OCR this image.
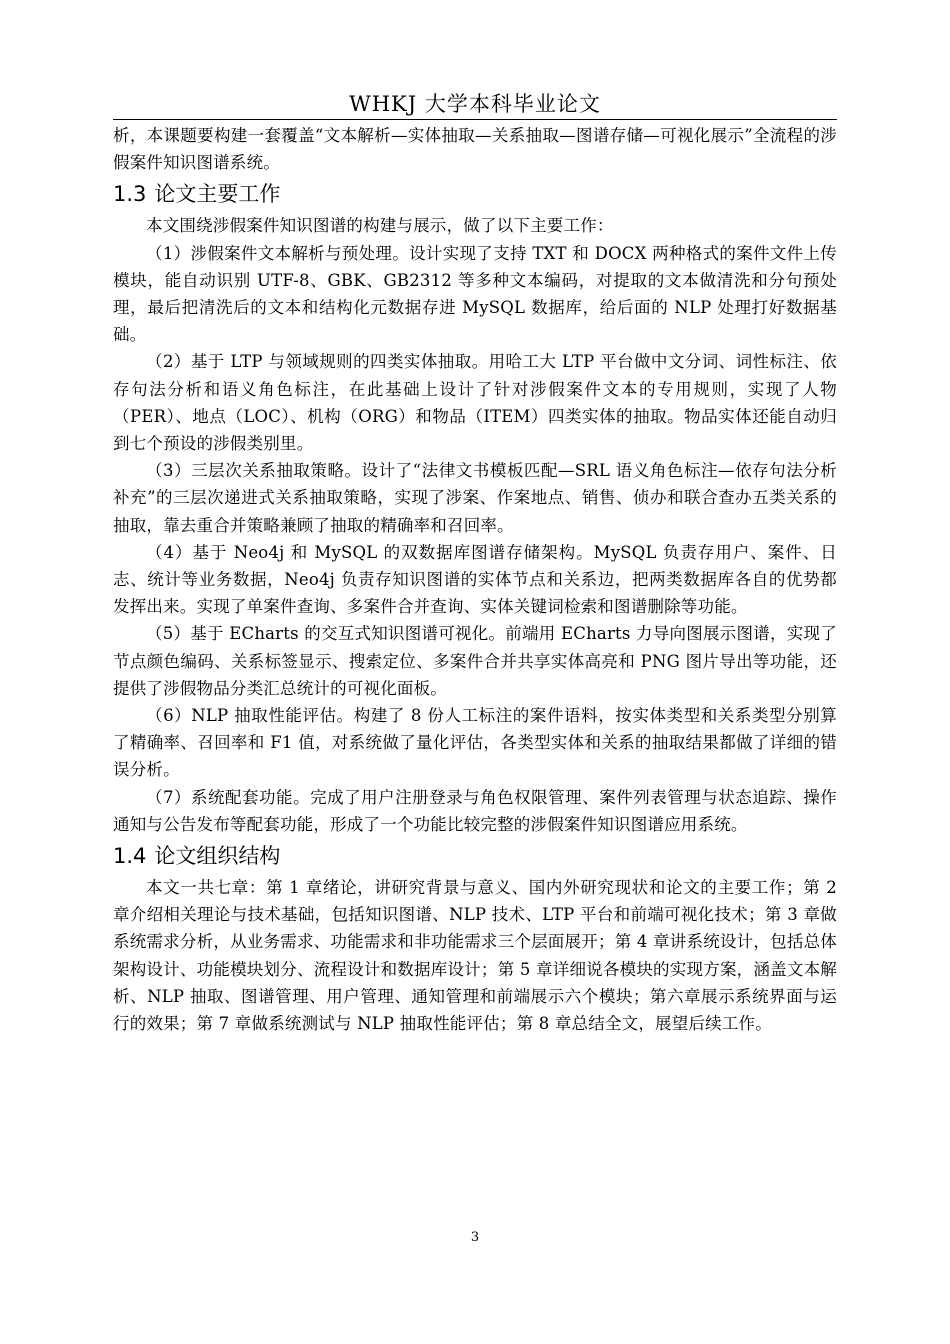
WHKJ 大学本科毕业论文

析，本课题要构建一套覆盖“文本解析—实体抽取—关系抽取—图谱存储—可视化展示”全流程的涉假案件知识图谱系统。

1.3 论文主要工作

本文围绕涉假案件知识图谱的构建与展示，做了以下主要工作：

（1）涉假案件文本解析与预处理。设计实现了支持 TXT 和 DOCX 两种格式的案件文件上传模块，能自动识别 UTF-8、GBK、GB2312 等多种文本编码，对提取的文本做清洗和分句预处理，最后把清洗后的文本和结构化元数据存进 MySQL 数据库，给后面的 NLP 处理打好数据基础。

（2）基于 LTP 与领域规则的四类实体抽取。用哈工大 LTP 平台做中文分词、词性标注、依存句法分析和语义角色标注，在此基础上设计了针对涉假案件文本的专用规则，实现了人物（PER）、地点（LOC）、机构（ORG）和物品（ITEM）四类实体的抽取。物品实体还能自动归到七个预设的涉假类别里。

（3）三层次关系抽取策略。设计了“法律文书模板匹配—SRL 语义角色标注—依存句法分析补充”的三层次递进式关系抽取策略，实现了涉案、作案地点、销售、侦办和联合查办五类关系的抽取，靠去重合并策略兼顾了抽取的精确率和召回率。

（4）基于 Neo4j 和 MySQL 的双数据库图谱存储架构。MySQL 负责存用户、案件、日志、统计等业务数据，Neo4j 负责存知识图谱的实体节点和关系边，把两类数据库各自的优势都发挥出来。实现了单案件查询、多案件合并查询、实体关键词检索和图谱删除等功能。

（5）基于 ECharts 的交互式知识图谱可视化。前端用 ECharts 力导向图展示图谱，实现了节点颜色编码、关系标签显示、搜索定位、多案件合并共享实体高亮和 PNG 图片导出等功能，还提供了涉假物品分类汇总统计的可视化面板。

（6）NLP 抽取性能评估。构建了 8 份人工标注的案件语料，按实体类型和关系类型分别算了精确率、召回率和 F1 值，对系统做了量化评估，各类型实体和关系的抽取结果都做了详细的错误分析。

（7）系统配套功能。完成了用户注册登录与角色权限管理、案件列表管理与状态追踪、操作通知与公告发布等配套功能，形成了一个功能比较完整的涉假案件知识图谱应用系统。

1.4 论文组织结构

本文一共七章：第 1 章绪论，讲研究背景与意义、国内外研究现状和论文的主要工作；第 2 章介绍相关理论与技术基础，包括知识图谱、NLP 技术、LTP 平台和前端可视化技术；第 3 章做系统需求分析，从业务需求、功能需求和非功能需求三个层面展开；第 4 章讲系统设计，包括总体架构设计、功能模块划分、流程设计和数据库设计；第 5 章详细说各模块的实现方案，涵盖文本解析、NLP 抽取、图谱管理、用户管理、通知管理和前端展示六个模块；第六章展示系统界面与运行的效果；第 7 章做系统测试与 NLP 抽取性能评估；第 8 章总结全文，展望后续工作。

3
